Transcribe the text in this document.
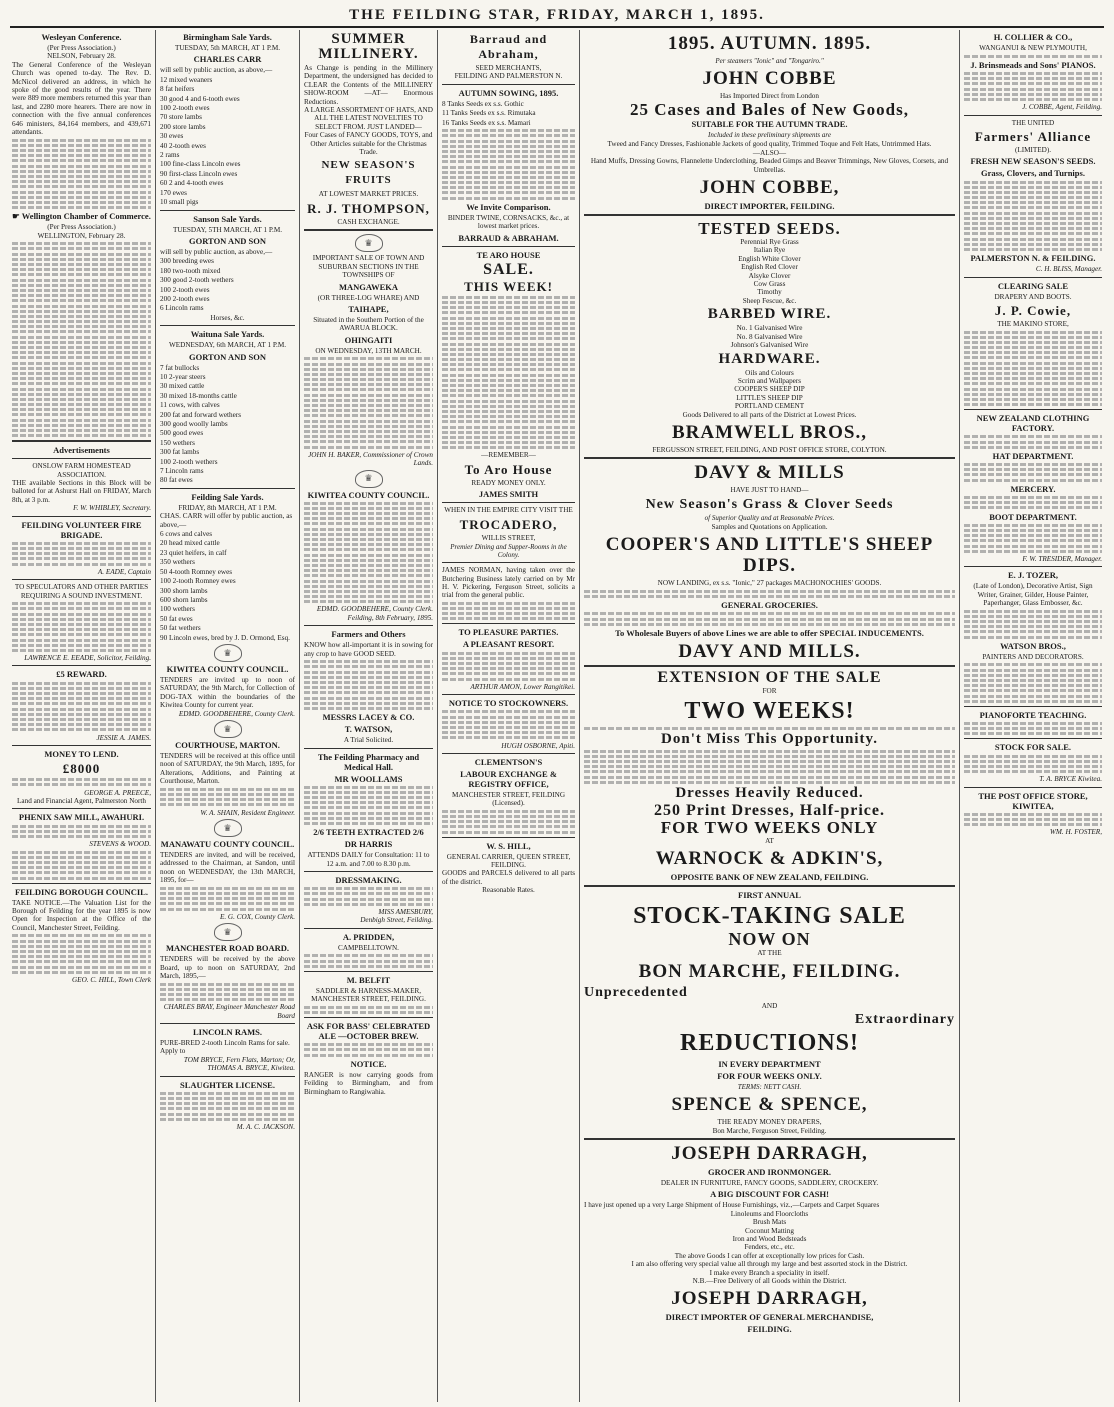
THE FEILDING STAR, FRIDAY, MARCH 1, 1895.
Wesleyan Conference.
(Per Press Association.)
NELSON, February 28.
The General Conference of the Wesleyan Church was opened to-day. The Rev. D. McNicol delivered an address, in which he spoke of the good results of the year. There were 889 more members returned this year than last, and 2280 more hearers. There are now in connection with the five annual conferences 646 ministers, 84,164 members, and 439,671 attendants.
☛ Wellington Chamber of Commerce.
(Per Press Association.)
WELLINGTON, February 28.
Advertisements
ONSLOW FARM HOMESTEAD ASSOCIATION.
THE available Sections in this Block will be balloted for at Ashurst Hall on FRIDAY, March 8th, at 3 p.m.
F. W. WHIBLEY, Secretary.
FEILDING VOLUNTEER FIRE BRIGADE.
A. EADE, Captain
TO SPECULATORS AND OTHER PARTIES REQUIRING A SOUND INVESTMENT.
LAWRENCE E. EEADE, Solicitor, Feilding.
£5 REWARD.
JESSIE A. JAMES.
MONEY TO LEND.
£8000
GEORGE A. PREECE,
Land and Financial Agent, Palmerston North
PHENIX SAW MILL, AWAHURI.
STEVENS & WOOD.
FEILDING BOROUGH COUNCIL.
TAKE NOTICE.—The Valuation List for the Borough of Feilding for the year 1895 is now Open for Inspection at the Office of the Council, Manchester Street, Feilding.
GEO. C. HILL, Town Clerk
Birmingham Sale Yards.
TUESDAY, 5th MARCH, AT 1 P.M.
CHARLES CARR
will sell by public auction, as above,—
12 mixed weaners
8 fat heifers
30 good 4 and 6-tooth ewes
100 2-tooth ewes
70 store lambs
200 store lambs
30 ewes
40 2-tooth ewes
2 rams
100 fine-class Lincoln ewes
90 first-class Lincoln ewes
60 2 and 4-tooth ewes
170 ewes
10 small pigs
Sanson Sale Yards.
TUESDAY, 5TH MARCH, AT 1 P.M.
GORTON AND SON
will sell by public auction, as above,—
300 breeding ewes
180 two-tooth mixed
300 good 2-tooth wethers
100 2-tooth ewes
200 2-tooth ewes
6 Lincoln rams
Horses, &c.
Waituna Sale Yards.
WEDNESDAY, 6th MARCH, AT 1 P.M.
GORTON AND SON
7 fat bullocks
10 2-year steers
30 mixed cattle
30 mixed 18-months cattle
11 cows, with calves
200 fat and forward wethers
300 good woolly lambs
500 good ewes
150 wethers
300 fat lambs
100 2-tooth wethers
7 Lincoln rams
80 fat ewes
Feilding Sale Yards.
FRIDAY, 8th MARCH, AT 1 P.M.
CHAS. CARR will offer by public auction, as above,—
6 cows and calves
20 head mixed cattle
23 quiet heifers, in calf
350 wethers
50 4-tooth Romney ewes
100 2-tooth Romney ewes
300 shorn lambs
600 shorn lambs
100 wethers
50 fat ewes
50 fat wethers
90 Lincoln ewes, bred by J. D. Ormond, Esq.
♛
KIWITEA COUNTY COUNCIL.
TENDERS are invited up to noon of SATURDAY, the 9th March, for Collection of DOG-TAX within the boundaries of the Kiwitea County for current year.
EDMD. GOODBEHERE, County Clerk.
♛
COURTHOUSE, MARTON.
TENDERS will be received at this office until noon of SATURDAY, the 9th March, 1895, for Alterations, Additions, and Painting at Courthouse, Marton.
W. A. SHAIN, Resident Engineer.
♛
MANAWATU COUNTY COUNCIL.
TENDERS are invited, and will be received, addressed to the Chairman, at Sandon, until noon on WEDNESDAY, the 13th MARCH, 1895, for—
E. G. COX, County Clerk.
♛
MANCHESTER ROAD BOARD.
TENDERS will be received by the above Board, up to noon on SATURDAY, 2nd March, 1895,—
CHARLES BRAY, Engineer Manchester Road Board
LINCOLN RAMS.
PURE-BRED 2-tooth Lincoln Rams for sale. Apply to
TOM BRYCE, Fern Flats, Marton; Or, THOMAS A. BRYCE, Kiwitea.
SLAUGHTER LICENSE.
M. A. C. JACKSON.
SUMMER MILLINERY.
As Change is pending in the Millinery Department, the undersigned has decided to CLEAR the Contents of the MILLINERY SHOW-ROOM —AT— Enormous Reductions.
A LARGE ASSORTMENT OF HATS, AND ALL THE LATEST NOVELTIES TO SELECT FROM. JUST LANDED—
Four Cases of FANCY GOODS, TOYS, and Other Articles suitable for the Christmas Trade.
NEW SEASON'S FRUITS
AT LOWEST MARKET PRICES.
R. J. THOMPSON,
CASH EXCHANGE.
♛
IMPORTANT SALE OF TOWN AND SUBURBAN SECTIONS IN THE TOWNSHIPS OF
MANGAWEKA
(OR THREE-LOG WHARE) AND
TAIHAPE,
Situated in the Southern Portion of the AWARUA BLOCK.
OHINGAITI
ON WEDNESDAY, 13TH MARCH.
JOHN H. BAKER, Commissioner of Crown Lands.
♛
KIWITEA COUNTY COUNCIL.
EDMD. GOODBEHERE, County Clerk. Feilding, 8th February, 1895.
Farmers and Others
KNOW how all-important it is in sowing for any crop to have GOOD SEED.
MESSRS LACEY & CO.
T. WATSON,
A Trial Solicited.
The Feilding Pharmacy and Medical Hall.
MR WOOLLAMS
2/6 TEETH EXTRACTED 2/6
DR HARRIS
ATTENDS DAILY for Consultation: 11 to 12 a.m. and 7.00 to 8.30 p.m.
DRESSMAKING.
MISS AMESBURY,
Denbigh Street, Feilding.
A. PRIDDEN,
CAMPBELLTOWN.
M. BELFIT
SADDLER & HARNESS-MAKER, MANCHESTER STREET, FEILDING.
ASK FOR BASS' CELEBRATED ALE —OCTOBER BREW.
NOTICE.
RANGER is now carrying goods from Feilding to Birmingham, and from Birmingham to Rangiwahia.
Barraud and Abraham,
SEED MERCHANTS,
FEILDING AND PALMERSTON N.
AUTUMN SOWING, 1895.
8 Tanks Seeds ex s.s. Gothic
11 Tanks Seeds ex s.s. Rimutaka
16 Tanks Seeds ex s.s. Mamari
We Invite Comparison.
BINDER TWINE, CORNSACKS, &c., at lowest market prices.
BARRAUD & ABRAHAM.
TE ARO HOUSE
SALE.
THIS WEEK!
—REMEMBER—
To Aro House
READY MONEY ONLY.
JAMES SMITH
WHEN IN THE EMPIRE CITY VISIT THE
TROCADERO,
WILLIS STREET,
Premier Dining and Supper-Rooms in the Colony.
JAMES NORMAN, having taken over the Butchering Business lately carried on by Mr H. V. Pickering, Ferguson Street, solicits a trial from the general public.
TO PLEASURE PARTIES.
A PLEASANT RESORT.
ARTHUR AMON, Lower Rangitikei.
NOTICE TO STOCKOWNERS.
HUGH OSBORNE, Apiti.
CLEMENTSON'S
LABOUR EXCHANGE & REGISTRY OFFICE,
MANCHESTER STREET, FEILDING (Licensed).
W. S. HILL,
GENERAL CARRIER, QUEEN STREET, FEILDING.
GOODS and PARCELS delivered to all parts of the district.
Reasonable Rates.
1895. AUTUMN. 1895.
Per steamers "Ionic" and "Tongariro."
JOHN COBBE
Has Imported Direct from London
25 Cases and Bales of New Goods,
SUITABLE FOR THE AUTUMN TRADE.
Included in these preliminary shipments are
Tweed and Fancy Dresses, Fashionable Jackets of good quality, Trimmed Toque and Felt Hats, Untrimmed Hats.
—ALSO—
Hand Muffs, Dressing Gowns, Flannelette Underclothing, Beaded Gimps and Beaver Trimmings, New Gloves, Corsets, and Umbrellas.
JOHN COBBE,
DIRECT IMPORTER, FEILDING.
TESTED SEEDS.
Perennial Rye Grass
Italian Rye
English White Clover
English Red Clover
Alsyke Clover
Cow Grass
Timothy
Sheep Fescue, &c.
BARBED WIRE.
No. 1 Galvanised Wire
No. 8 Galvanised Wire
Johnson's Galvanised Wire
HARDWARE.
Oils and Colours
Scrim and Wallpapers
COOPER'S SHEEP DIP
LITTLE'S SHEEP DIP
PORTLAND CEMENT
Goods Delivered to all parts of the District at Lowest Prices.
BRAMWELL BROS.,
FERGUSSON STREET, FEILDING, AND POST OFFICE STORE, COLYTON.
DAVY & MILLS
HAVE JUST TO HAND—
New Season's Grass & Clover Seeds
of Superior Quality and at Reasonable Prices.
Samples and Quotations on Application.
COOPER'S AND LITTLE'S SHEEP DIPS.
NOW LANDING, ex s.s. "Ionic," 27 packages MACHONOCHIES' GOODS.
GENERAL GROCERIES.
To Wholesale Buyers of above Lines we are able to offer SPECIAL INDUCEMENTS.
DAVY AND MILLS.
EXTENSION OF THE SALE
FOR
TWO WEEKS!
Don't Miss This Opportunity.
Dresses Heavily Reduced.
250 Print Dresses, Half-price.
FOR TWO WEEKS ONLY
AT
WARNOCK & ADKIN'S,
OPPOSITE BANK OF NEW ZEALAND, FEILDING.
FIRST ANNUAL
STOCK-TAKING SALE
NOW ON
AT THE
BON MARCHE, FEILDING.
Unprecedented
AND
Extraordinary
REDUCTIONS!
IN EVERY DEPARTMENT
FOR FOUR WEEKS ONLY.
TERMS: NETT CASH.
SPENCE & SPENCE,
THE READY MONEY DRAPERS,
Bon Marche, Ferguson Street, Feilding.
JOSEPH DARRAGH,
GROCER AND IRONMONGER.
DEALER IN FURNITURE, FANCY GOODS, SADDLERY, CROCKERY.
A BIG DISCOUNT FOR CASH!
I have just opened up a very Large Shipment of House Furnishings, viz.,—Carpets and Carpet Squares
Linoleums and Floorcloths
Brush Mats
Coconut Matting
Iron and Wood Bedsteads
Fenders, etc., etc.
The above Goods I can offer at exceptionally low prices for Cash.
I am also offering very special value all through my large and best assorted stock in the District.
I make every Branch a speciality in itself.
N.B.—Free Delivery of all Goods within the District.
JOSEPH DARRAGH,
DIRECT IMPORTER OF GENERAL MERCHANDISE,
FEILDING.
H. COLLIER & CO.,
WANGANUI & NEW PLYMOUTH,
J. Brinsmeads and Sons' PIANOS.
J. COBBE, Agent, Feilding.
THE UNITED
Farmers' Alliance
(LIMITED).
FRESH NEW SEASON'S SEEDS.
Grass, Clovers, and Turnips.
PALMERSTON N. & FEILDING.
C. H. BLISS, Manager.
CLEARING SALE
DRAPERY AND BOOTS.
J. P. Cowie,
THE MAKINO STORE,
NEW ZEALAND CLOTHING FACTORY.
HAT DEPARTMENT.
MERCERY.
BOOT DEPARTMENT.
F. W. TRESIDER, Manager.
E. J. TOZER,
(Late of London), Decorative Artist, Sign Writer, Grainer, Gilder, House Painter, Paperhanger, Glass Embosser, &c.
WATSON BROS.,
PAINTERS AND DECORATORS.
PIANOFORTE TEACHING.
STOCK FOR SALE.
T. A. BRYCE Kiwitea.
THE POST OFFICE STORE, KIWITEA,
WM. H. FOSTER,
